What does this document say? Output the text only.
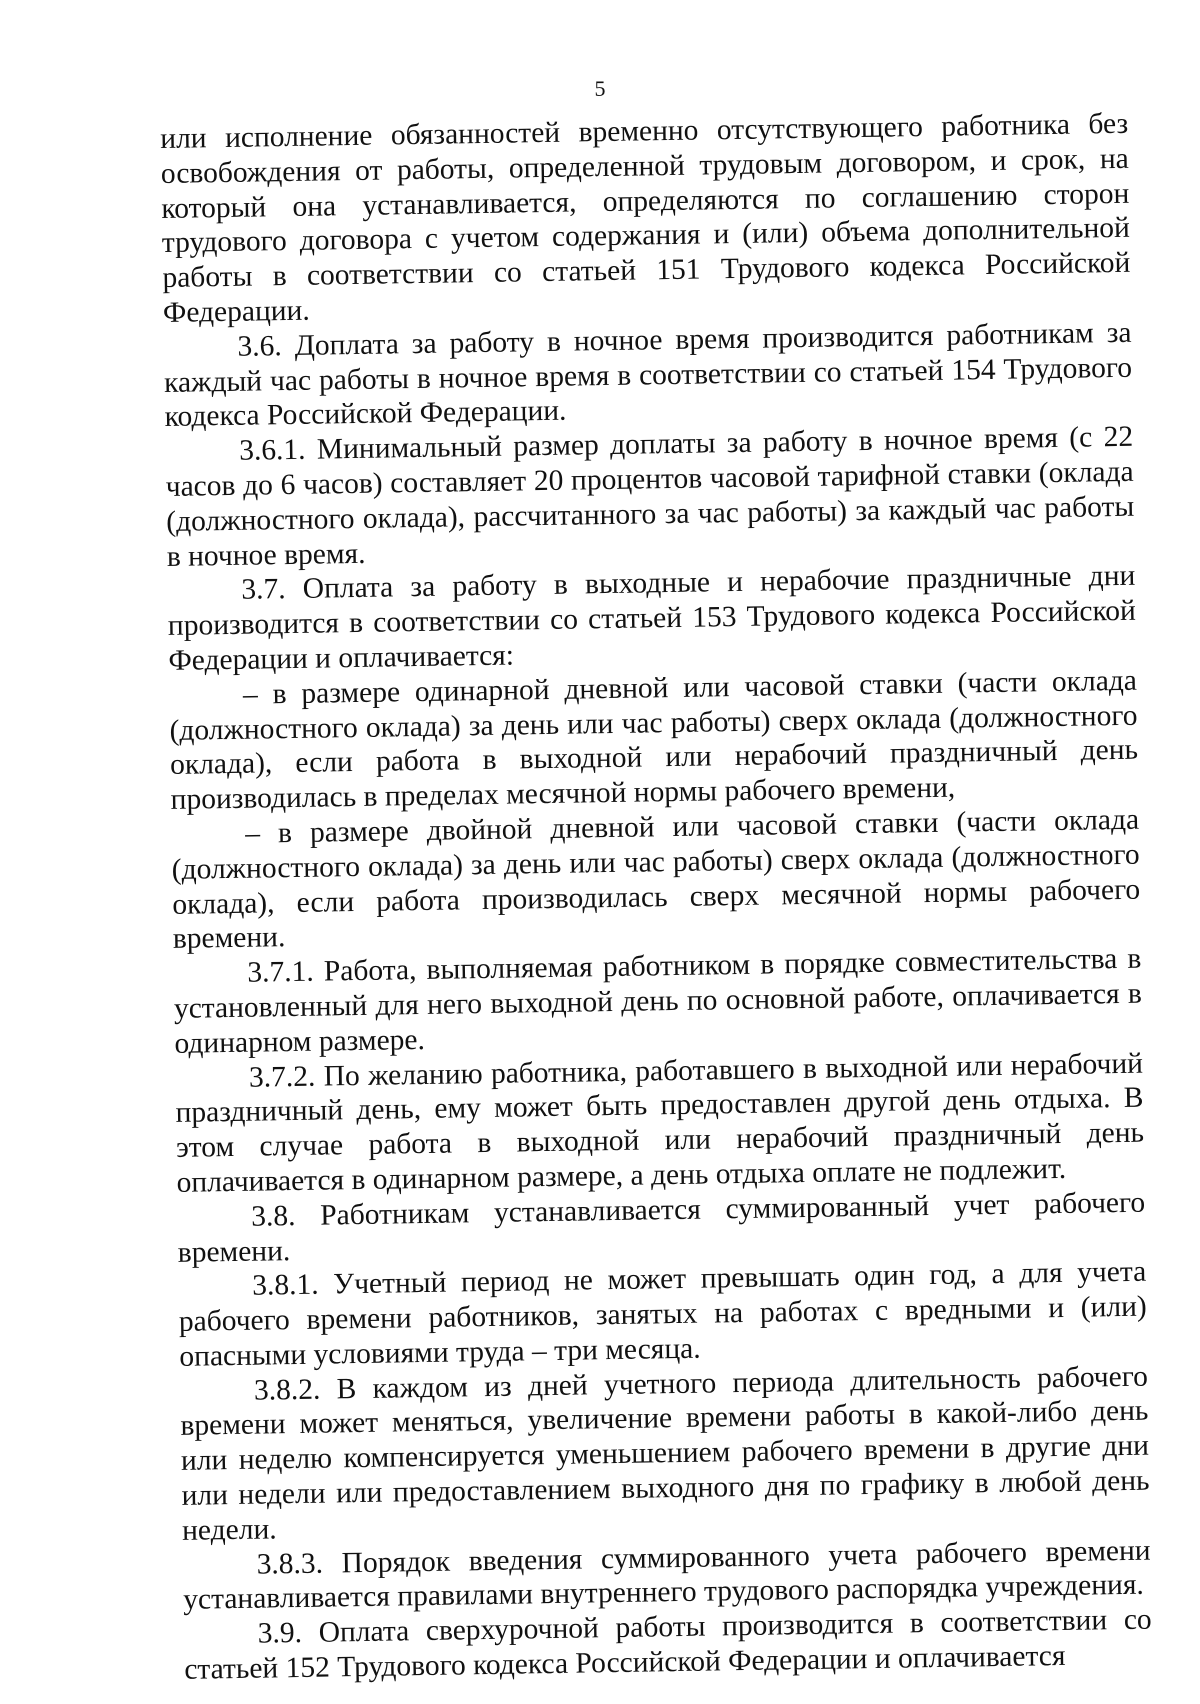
5

или исполнение обязанностей временно отсутствующего работника без освобождения от работы, определенной трудовым договором, и срок, на который она устанавливается, определяются по соглашению сторон трудового договора с учетом содержания и (или) объема дополнительной работы в соответствии со статьей 151 Трудового кодекса Российской Федерации.

3.6. Доплата за работу в ночное время производится работникам за каждый час работы в ночное время в соответствии со статьей 154 Трудового кодекса Российской Федерации.

3.6.1. Минимальный размер доплаты за работу в ночное время (с 22 часов до 6 часов) составляет 20 процентов часовой тарифной ставки (оклада (должностного оклада), рассчитанного за час работы) за каждый час работы в ночное время.

3.7. Оплата за работу в выходные и нерабочие праздничные дни производится в соответствии со статьей 153 Трудового кодекса Российской Федерации и оплачивается:

– в размере одинарной дневной или часовой ставки (части оклада (должностного оклада) за день или час работы) сверх оклада (должностного оклада), если работа в выходной или нерабочий праздничный день производилась в пределах месячной нормы рабочего времени,

– в размере двойной дневной или часовой ставки (части оклада (должностного оклада) за день или час работы) сверх оклада (должностного оклада), если работа производилась сверх месячной нормы рабочего времени.

3.7.1. Работа, выполняемая работником в порядке совместительства в установленный для него выходной день по основной работе, оплачивается в одинарном размере.

3.7.2. По желанию работника, работавшего в выходной или нерабочий праздничный день, ему может быть предоставлен другой день отдыха. В этом случае работа в выходной или нерабочий праздничный день оплачивается в одинарном размере, а день отдыха оплате не подлежит.

3.8. Работникам устанавливается суммированный учет рабочего времени.

3.8.1. Учетный период не может превышать один год, а для учета рабочего времени работников, занятых на работах с вредными и (или) опасными условиями труда – три месяца.

3.8.2. В каждом из дней учетного периода длительность рабочего времени может меняться, увеличение времени работы в какой-либо день или неделю компенсируется уменьшением рабочего времени в другие дни или недели или предоставлением выходного дня по графику в любой день недели.

3.8.3. Порядок введения суммированного учета рабочего времени устанавливается правилами внутреннего трудового распорядка учреждения.

3.9. Оплата сверхурочной работы производится в соответствии со статьей 152 Трудового кодекса Российской Федерации и оплачивается
